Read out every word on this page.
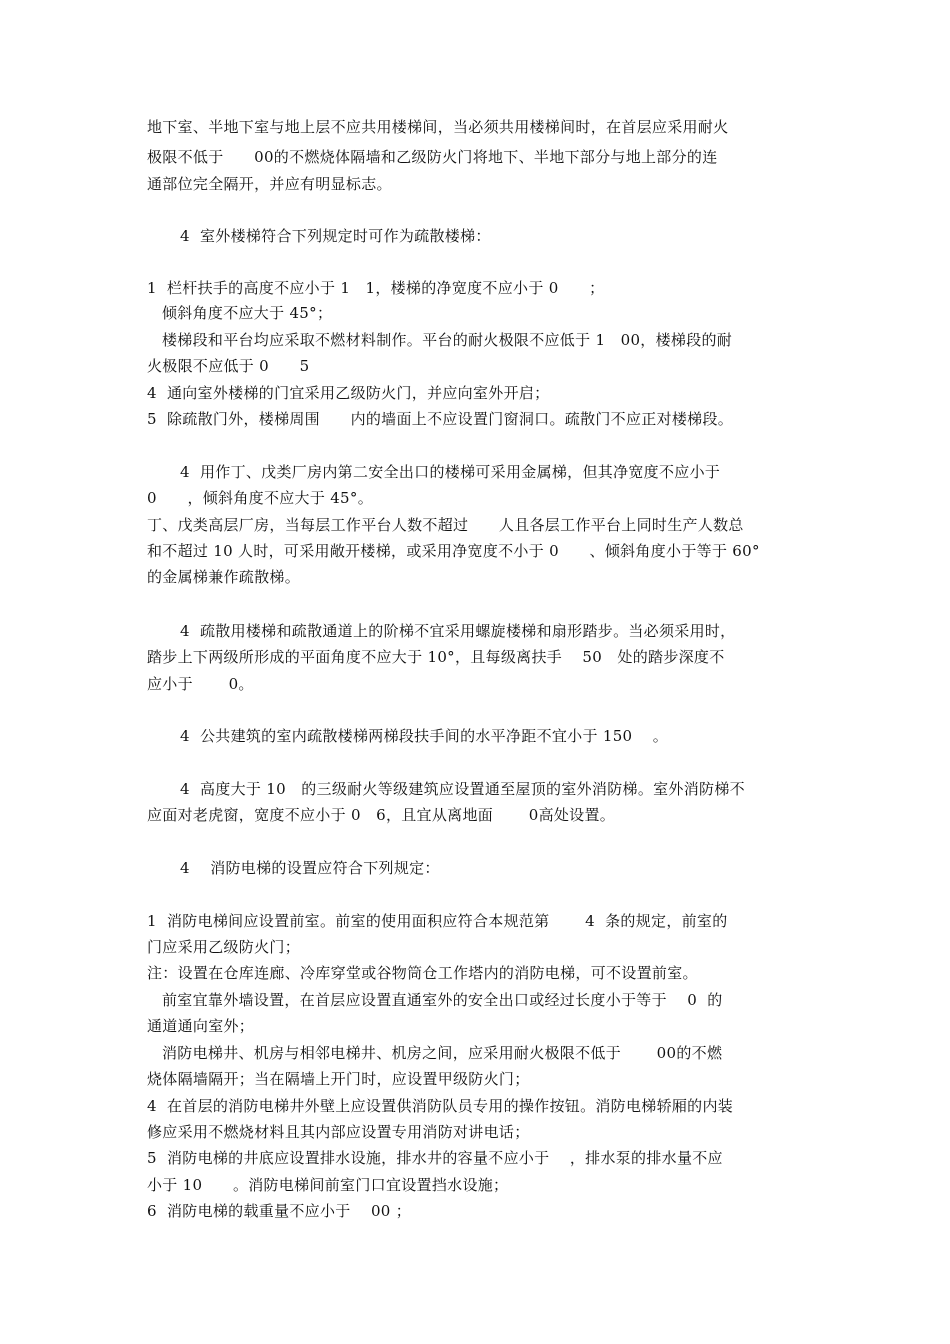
地下室、半地下室与地上层不应共用楼梯间，当必须共用楼梯间时，在首层应采用耐火
极限不低于　　00的不燃烧体隔墙和乙级防火门将地下、半地下部分与地上部分的连
通部位完全隔开，并应有明显标志。
4  室外楼梯符合下列规定时可作为疏散楼梯：
1  栏杆扶手的高度不应小于 1　1，楼梯的净宽度不应小于 0　　；
倾斜角度不应大于 45°；
楼梯段和平台均应采取不燃材料制作。平台的耐火极限不应低于 1　00，楼梯段的耐
火极限不应低于 0　　5
4  通向室外楼梯的门宜采用乙级防火门，并应向室外开启；
5  除疏散门外，楼梯周围　　内的墙面上不应设置门窗洞口。疏散门不应正对楼梯段。
4  用作丁、戊类厂房内第二安全出口的楼梯可采用金属梯，但其净宽度不应小于
0　　，倾斜角度不应大于 45°。
丁、戊类高层厂房，当每层工作平台人数不超过　　人且各层工作平台上同时生产人数总
和不超过 10 人时，可采用敞开楼梯，或采用净宽度不小于 0　　、倾斜角度小于等于 60°
的金属梯兼作疏散梯。
4  疏散用楼梯和疏散通道上的阶梯不宜采用螺旋楼梯和扇形踏步。当必须采用时，
踏步上下两级所形成的平面角度不应大于 10°，且每级离扶手　 50　处的踏步深度不
应小于　　 0。
4  公共建筑的室内疏散楼梯两梯段扶手间的水平净距不宜小于 150　 。
4  高度大于 10　的三级耐火等级建筑应设置通至屋顶的室外消防梯。室外消防梯不
应面对老虎窗，宽度不应小于 0　6，且宜从离地面　　 0高处设置。
4　 消防电梯的设置应符合下列规定：
1  消防电梯间应设置前室。前室的使用面积应符合本规范第　　 4  条的规定，前室的
门应采用乙级防火门；
注：设置在仓库连廊、冷库穿堂或谷物筒仓工作塔内的消防电梯，可不设置前室。
前室宜靠外墙设置，在首层应设置直通室外的安全出口或经过长度小于等于　 0  的
通道通向室外；
消防电梯井、机房与相邻电梯井、机房之间，应采用耐火极限不低于　　 00的不燃
烧体隔墙隔开；当在隔墙上开门时，应设置甲级防火门；
4  在首层的消防电梯井外壁上应设置供消防队员专用的操作按钮。消防电梯轿厢的内装
修应采用不燃烧材料且其内部应设置专用消防对讲电话；
5  消防电梯的井底应设置排水设施，排水井的容量不应小于　 ，排水泵的排水量不应
小于 10　　。消防电梯间前室门口宜设置挡水设施；
6  消防电梯的载重量不应小于　 00 ；
